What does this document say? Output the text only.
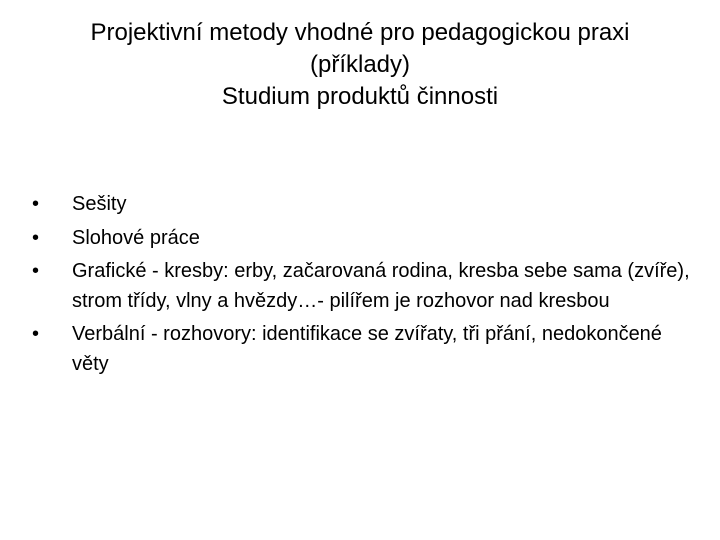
Projektivní metody vhodné pro pedagogickou praxi
(příklady)
Studium produktů činnosti
•	Sešity
•	Slohové práce
•	Grafické - kresby: erby, začarovaná rodina, kresba sebe sama (zvíře), strom třídy, vlny a hvězdy…- pilířem je rozhovor nad kresbou
•	Verbální - rozhovory: identifikace se zvířaty, tři přání, nedokončené věty
